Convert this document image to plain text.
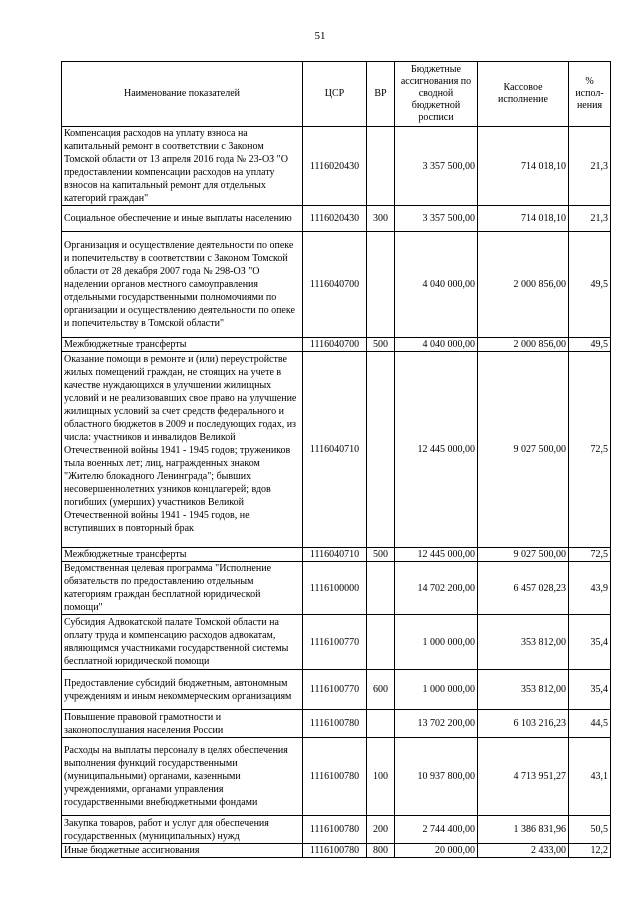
51
Наименование показателей	ЦСР	ВР	Бюджетные ассигнования по сводной бюджетной росписи	Кассовое исполнение	% испол-нения
Компенсация расходов на уплату взноса на капитальный ремонт в соответствии с Законом Томской области от 13 апреля 2016 года № 23-ОЗ "О предоставлении компенсации расходов на уплату взносов на капитальный ремонт для отдельных категорий граждан"	1116020430		3 357 500,00	714 018,10	21,3
Социальное обеспечение и иные выплаты населению	1116020430	300	3 357 500,00	714 018,10	21,3
Организация и осуществление деятельности по опеке и попечительству в соответствии с Законом Томской области от 28 декабря 2007 года № 298-ОЗ "О наделении органов местного самоуправления отдельными государственными полномочиями по организации и осуществлению деятельности по опеке и попечительству в Томской области"	1116040700		4 040 000,00	2 000 856,00	49,5
Межбюджетные трансферты	1116040700	500	4 040 000,00	2 000 856,00	49,5

Оказание помощи в ремонте и (или) переустройстве жилых помещений граждан, не стоящих на учете в качестве нуждающихся в улучшении жилищных условий и не реализовавших свое право на улучшение жилищных условий за счет средств федерального и областного бюджетов в 2009 и последующих годах, из числа: участников и инвалидов Великой Отечественной войны 1941 - 1945 годов; тружеников тыла военных лет; лиц, награжденных знаком "Жителю блокадного Ленинграда"; бывших несовершеннолетних узников концлагерей; вдов погибших (умерших) участников Великой Отечественной войны 1941 - 1945 годов, не вступивших в повторный брак	1116040710		12 445 000,00	9 027 500,00	72,5
Межбюджетные трансферты	1116040710	500	12 445 000,00	9 027 500,00	72,5
Ведомственная целевая программа "Исполнение обязательств по предоставлению отдельным категориям граждан бесплатной юридической помощи"	1116100000		14 702 200,00	6 457 028,23	43,9
Субсидия Адвокатской палате Томской области на оплату труда и компенсацию расходов адвокатам, являющимся участниками государственной системы бесплатной юридической помощи	1116100770		1 000 000,00	353 812,00	35,4
Предоставление субсидий бюджетным, автономным учреждениям и иным некоммерческим организациям	1116100770	600	1 000 000,00	353 812,00	35,4
Повышение правовой грамотности и законопослушания населения России	1116100780		13 702 200,00	6 103 216,23	44,5
Расходы на выплаты персоналу в целях обеспечения выполнения функций государственными (муниципальными) органами, казенными учреждениями, органами управления государственными внебюджетными фондами	1116100780	100	10 937 800,00	4 713 951,27	43,1
Закупка товаров, работ и услуг для обеспечения государственных (муниципальных) нужд	1116100780	200	2 744 400,00	1 386 831,96	50,5
Иные бюджетные ассигнования	1116100780	800	20 000,00	2 433,00	12,2
